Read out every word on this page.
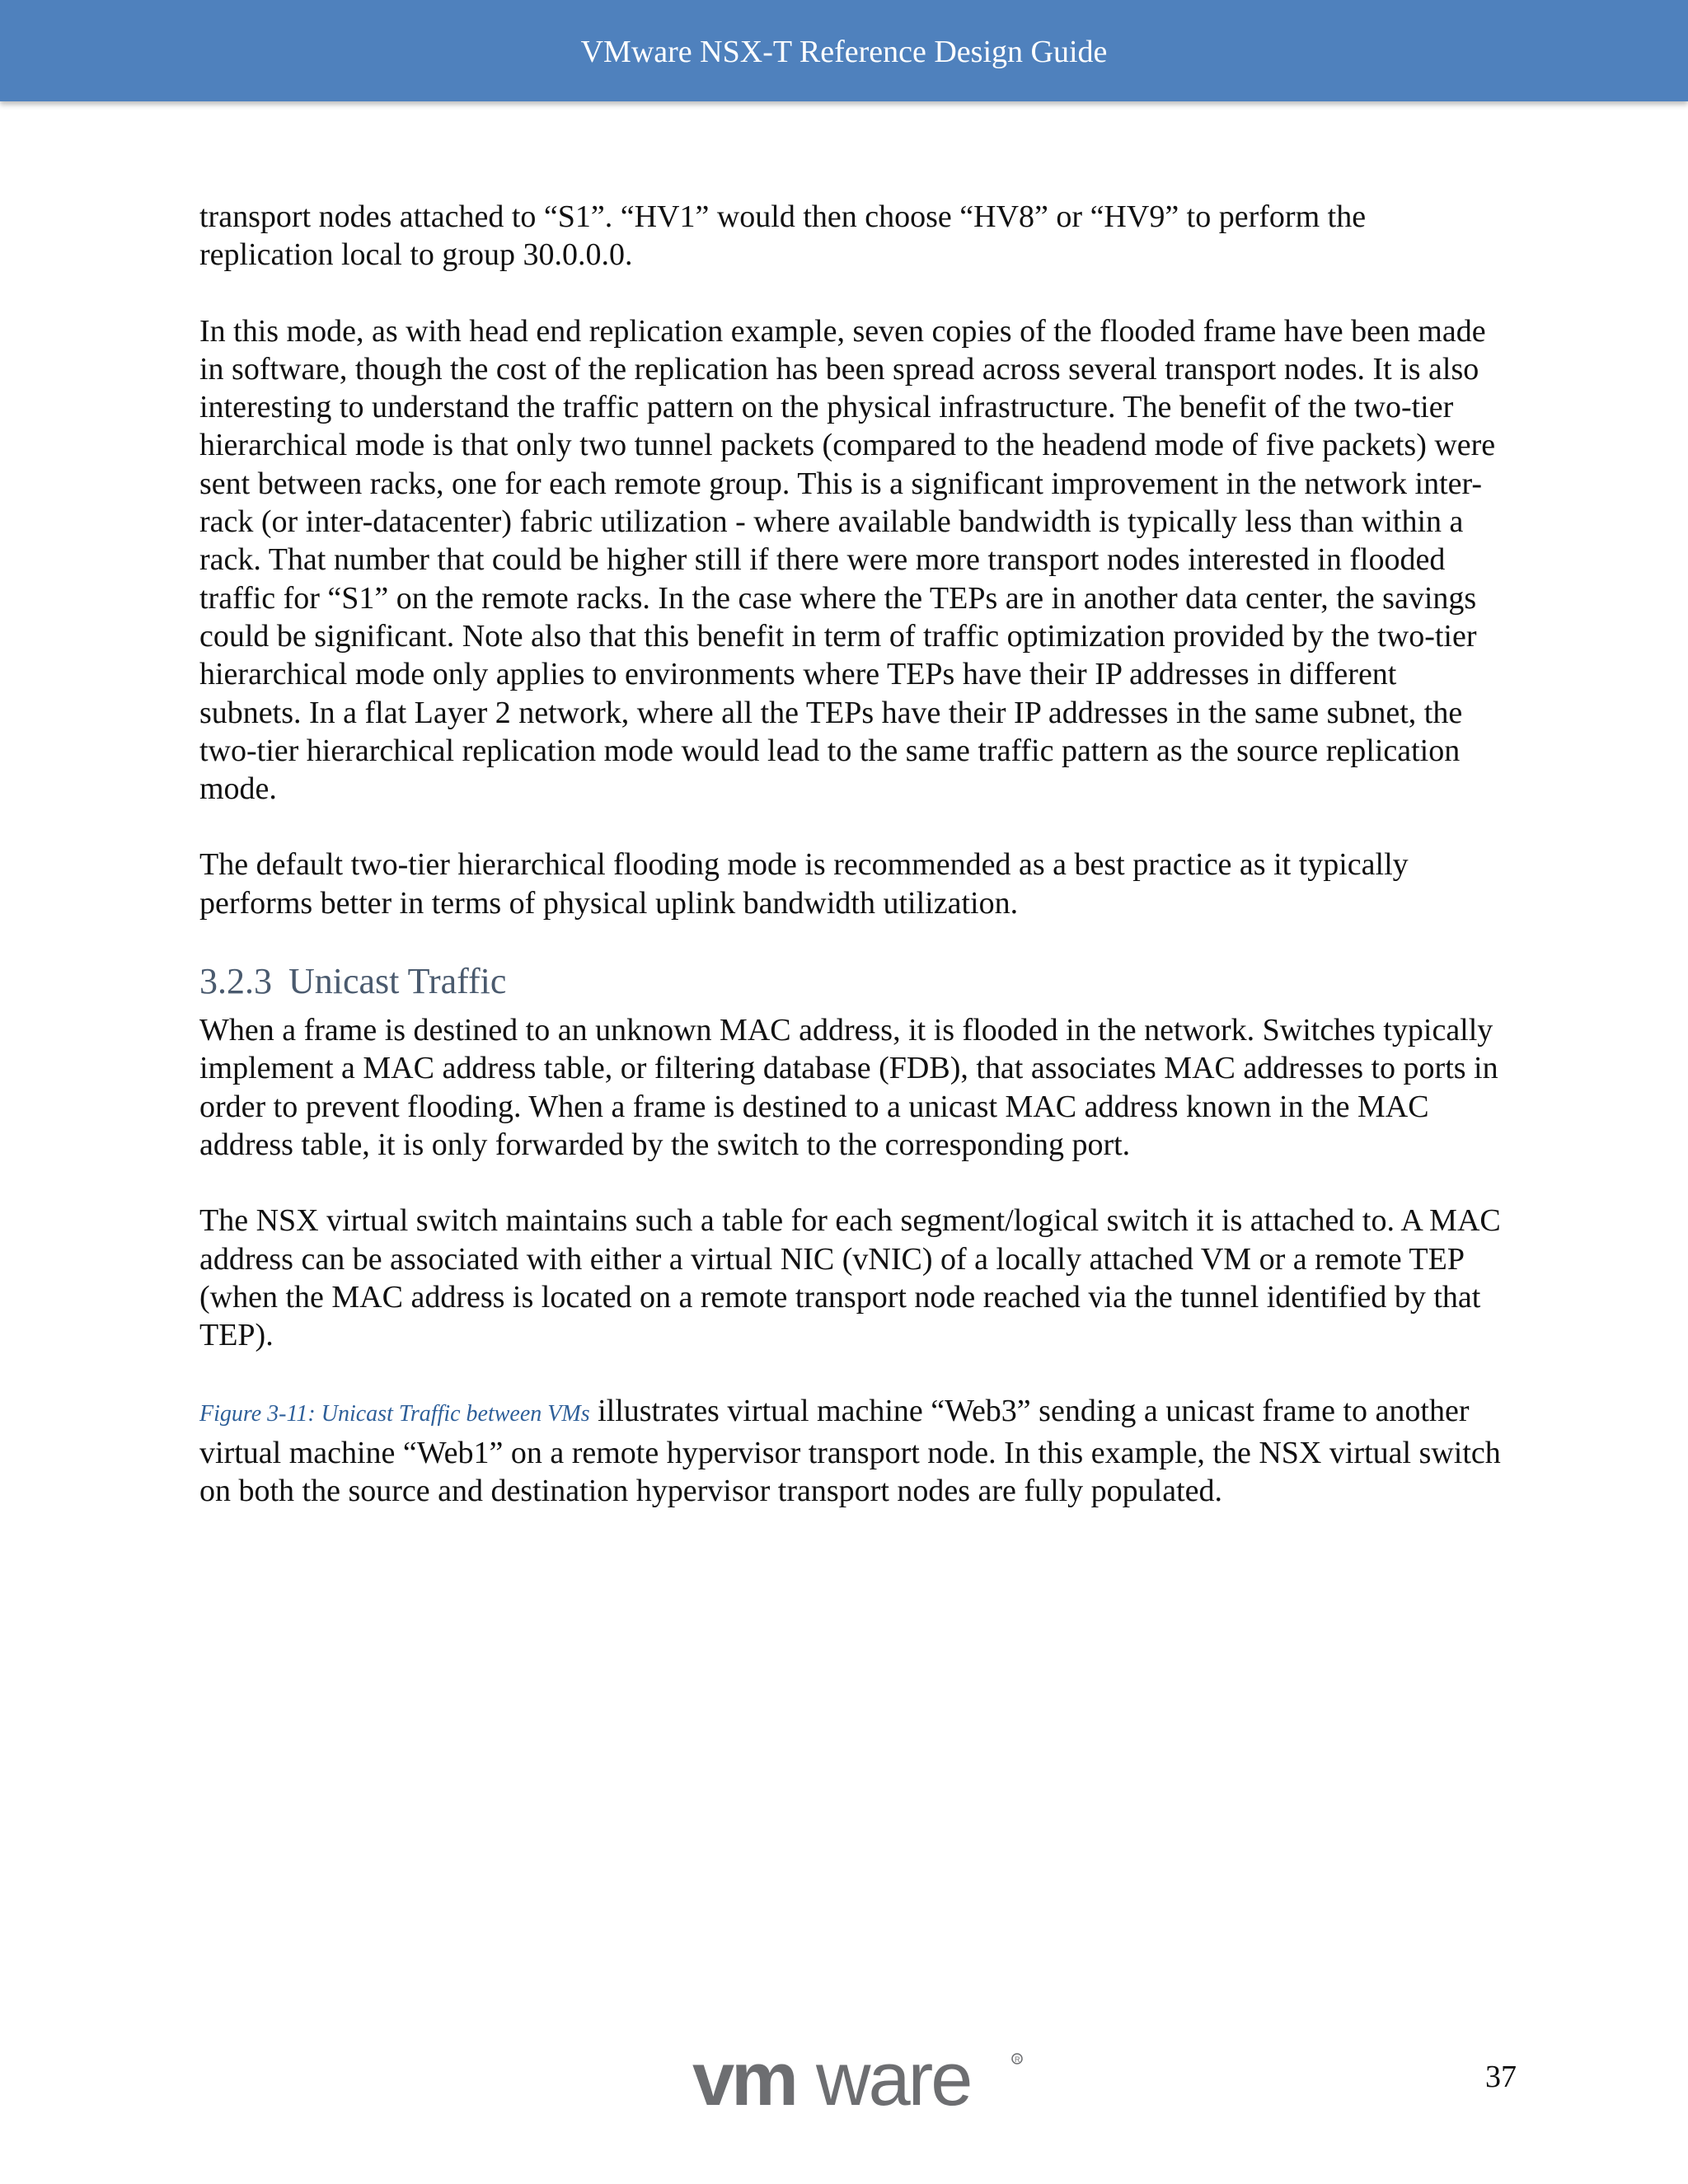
VMware NSX-T Reference Design Guide

transport nodes attached to “S1”. “HV1” would then choose “HV8” or “HV9” to perform the replication local to group 30.0.0.0.

In this mode, as with head end replication example, seven copies of the flooded frame have been made in software, though the cost of the replication has been spread across several transport nodes. It is also interesting to understand the traffic pattern on the physical infrastructure. The benefit of the two-tier hierarchical mode is that only two tunnel packets (compared to the headend mode of five packets) were sent between racks, one for each remote group. This is a significant improvement in the network inter-rack (or inter-datacenter) fabric utilization - where available bandwidth is typically less than within a rack. That number that could be higher still if there were more transport nodes interested in flooded traffic for “S1” on the remote racks. In the case where the TEPs are in another data center, the savings could be significant. Note also that this benefit in term of traffic optimization provided by the two-tier hierarchical mode only applies to environments where TEPs have their IP addresses in different subnets. In a flat Layer 2 network, where all the TEPs have their IP addresses in the same subnet, the two-tier hierarchical replication mode would lead to the same traffic pattern as the source replication mode.

The default two-tier hierarchical flooding mode is recommended as a best practice as it typically performs better in terms of physical uplink bandwidth utilization.

3.2.3 Unicast Traffic

When a frame is destined to an unknown MAC address, it is flooded in the network. Switches typically implement a MAC address table, or filtering database (FDB), that associates MAC addresses to ports in order to prevent flooding. When a frame is destined to a unicast MAC address known in the MAC address table, it is only forwarded by the switch to the corresponding port.

The NSX virtual switch maintains such a table for each segment/logical switch it is attached to. A MAC address can be associated with either a virtual NIC (vNIC) of a locally attached VM or a remote TEP (when the MAC address is located on a remote transport node reached via the tunnel identified by that TEP).

Figure 3-11: Unicast Traffic between VMs illustrates virtual machine “Web3” sending a unicast frame to another virtual machine “Web1” on a remote hypervisor transport node. In this example, the NSX virtual switch on both the source and destination hypervisor transport nodes are fully populated.

vm ware	R	37
